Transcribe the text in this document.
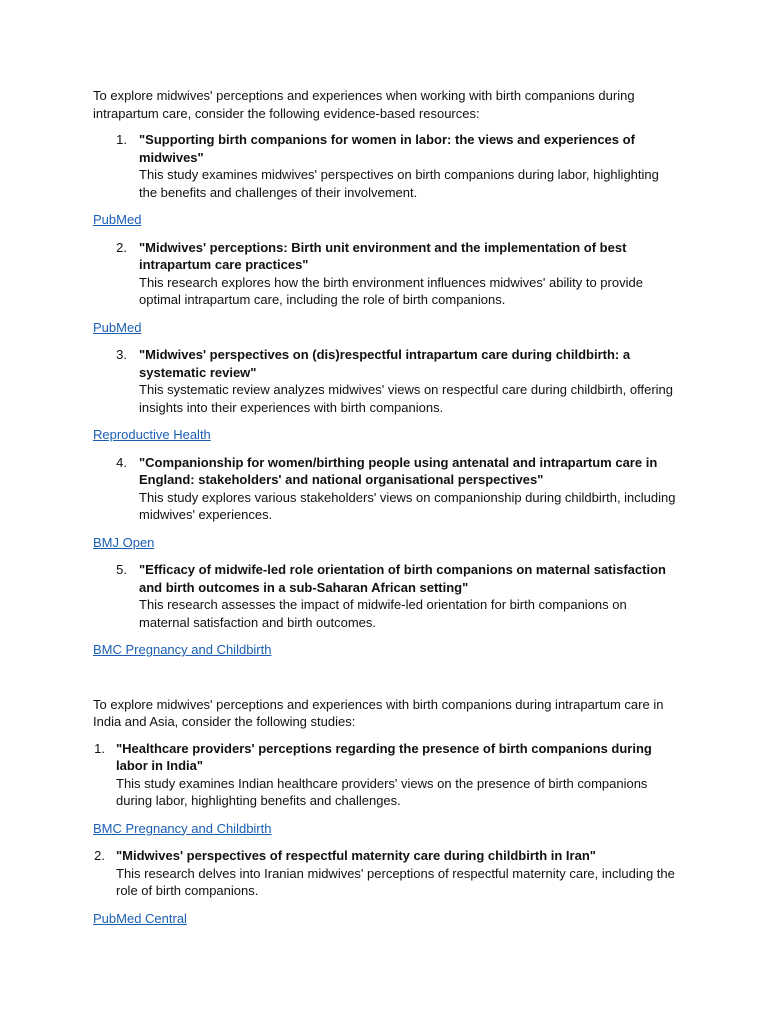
To explore midwives' perceptions and experiences when working with birth companions during intrapartum care, consider the following evidence-based resources:

1. "Supporting birth companions for women in labor: the views and experiences of midwives"
This study examines midwives' perspectives on birth companions during labor, highlighting the benefits and challenges of their involvement.
PubMed
2. "Midwives' perceptions: Birth unit environment and the implementation of best intrapartum care practices"
This research explores how the birth environment influences midwives' ability to provide optimal intrapartum care, including the role of birth companions.
PubMed
3. "Midwives' perspectives on (dis)respectful intrapartum care during childbirth: a systematic review"
This systematic review analyzes midwives' views on respectful care during childbirth, offering insights into their experiences with birth companions.
Reproductive Health
4. "Companionship for women/birthing people using antenatal and intrapartum care in England: stakeholders' and national organisational perspectives"
This study explores various stakeholders' views on companionship during childbirth, including midwives' experiences.
BMJ Open
5. "Efficacy of midwife-led role orientation of birth companions on maternal satisfaction and birth outcomes in a sub-Saharan African setting"
This research assesses the impact of midwife-led orientation for birth companions on maternal satisfaction and birth outcomes.
BMC Pregnancy and Childbirth

To explore midwives' perceptions and experiences with birth companions during intrapartum care in India and Asia, consider the following studies:

1. "Healthcare providers' perceptions regarding the presence of birth companions during labor in India"
This study examines Indian healthcare providers' views on the presence of birth companions during labor, highlighting benefits and challenges.
BMC Pregnancy and Childbirth
2. "Midwives' perspectives of respectful maternity care during childbirth in Iran"
This research delves into Iranian midwives' perceptions of respectful maternity care, including the role of birth companions.
PubMed Central
